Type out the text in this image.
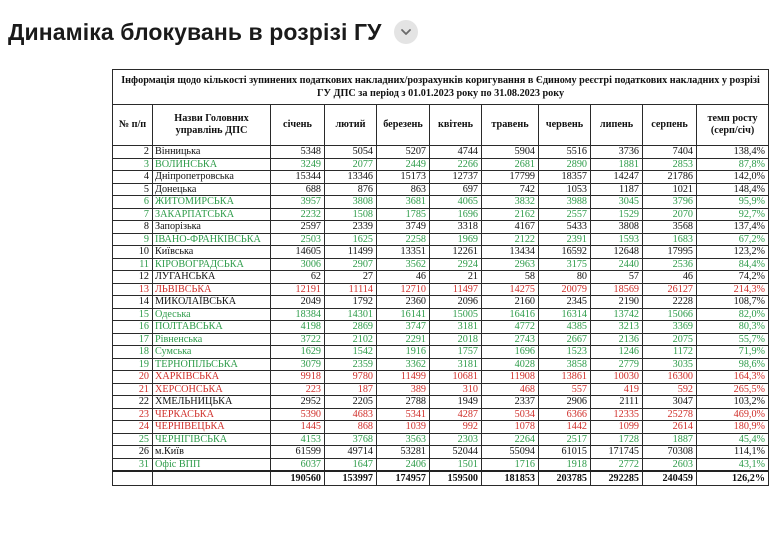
Динаміка блокувань в розрізі ГУ
Інформація щодо кількості зупинених податкових накладних/розрахунків коригування в Єдиному реєстрі податкових накладних у розрізі ГУ ДПС за період з 01.01.2023 року по 31.08.2023 року										
№ п/п	Назви Головних управлінь ДПС	січень	лютий	березень	квітень	травень	червень	липень	серпень	темп росту (серп/січ)
2	Вінницька	5348	5054	5207	4744	5904	5516	3736	7404	138,4%
3	ВОЛИНСЬКА	3249	2077	2449	2266	2681	2890	1881	2853	87,8%
4	Дніпропетровська	15344	13346	15173	12737	17799	18357	14247	21786	142,0%
5	Донецька	688	876	863	697	742	1053	1187	1021	148,4%
6	ЖИТОМИРСЬКА	3957	3808	3681	4065	3832	3988	3045	3796	95,9%
7	ЗАКАРПАТСЬКА	2232	1508	1785	1696	2162	2557	1529	2070	92,7%
8	Запорізька	2597	2339	3749	3318	4167	5433	3808	3568	137,4%
9	ІВАНО-ФРАНКІВСЬКА	2503	1625	2258	1969	2122	2391	1593	1683	67,2%
10	Київська	14605	11499	13351	12261	13434	16592	12648	17995	123,2%
11	КІРОВОГРАДСЬКА	3006	2907	3562	2924	2963	3175	2440	2536	84,4%
12	ЛУГАНСЬКА	62	27	46	21	58	80	57	46	74,2%
13	ЛЬВІВСЬКА	12191	11114	12710	11497	14275	20079	18569	26127	214,3%
14	МИКОЛАЇВСЬКА	2049	1792	2360	2096	2160	2345	2190	2228	108,7%
15	Одеська	18384	14301	16141	15005	16416	16314	13742	15066	82,0%
16	ПОЛТАВСЬКА	4198	2869	3747	3181	4772	4385	3213	3369	80,3%
17	Рівненська	3722	2102	2291	2018	2743	2667	2136	2075	55,7%
18	Сумська	1629	1542	1916	1757	1696	1523	1246	1172	71,9%
19	ТЕРНОПІЛЬСЬКА	3079	2359	3362	3181	4028	3858	2779	3035	98,6%
20	ХАРКІВСЬКА	9918	9780	11499	10681	11908	13861	10030	16300	164,3%
21	ХЕРСОНСЬКА	223	187	389	310	468	557	419	592	265,5%
22	ХМЕЛЬНИЦЬКА	2952	2205	2788	1949	2337	2906	2111	3047	103,2%
23	ЧЕРКАСЬКА	5390	4683	5341	4287	5034	6366	12335	25278	469,0%
24	ЧЕРНІВЕЦЬКА	1445	868	1039	992	1078	1442	1099	2614	180,9%
25	ЧЕРНІГІВСЬКА	4153	3768	3563	2303	2264	2517	1728	1887	45,4%
26	м.Київ	61599	49714	53281	52044	55094	61015	171745	70308	114,1%
31	Офіс ВПП	6037	1647	2406	1501	1716	1918	2772	2603	43,1%
		190560	153997	174957	159500	181853	203785	292285	240459	126,2%
